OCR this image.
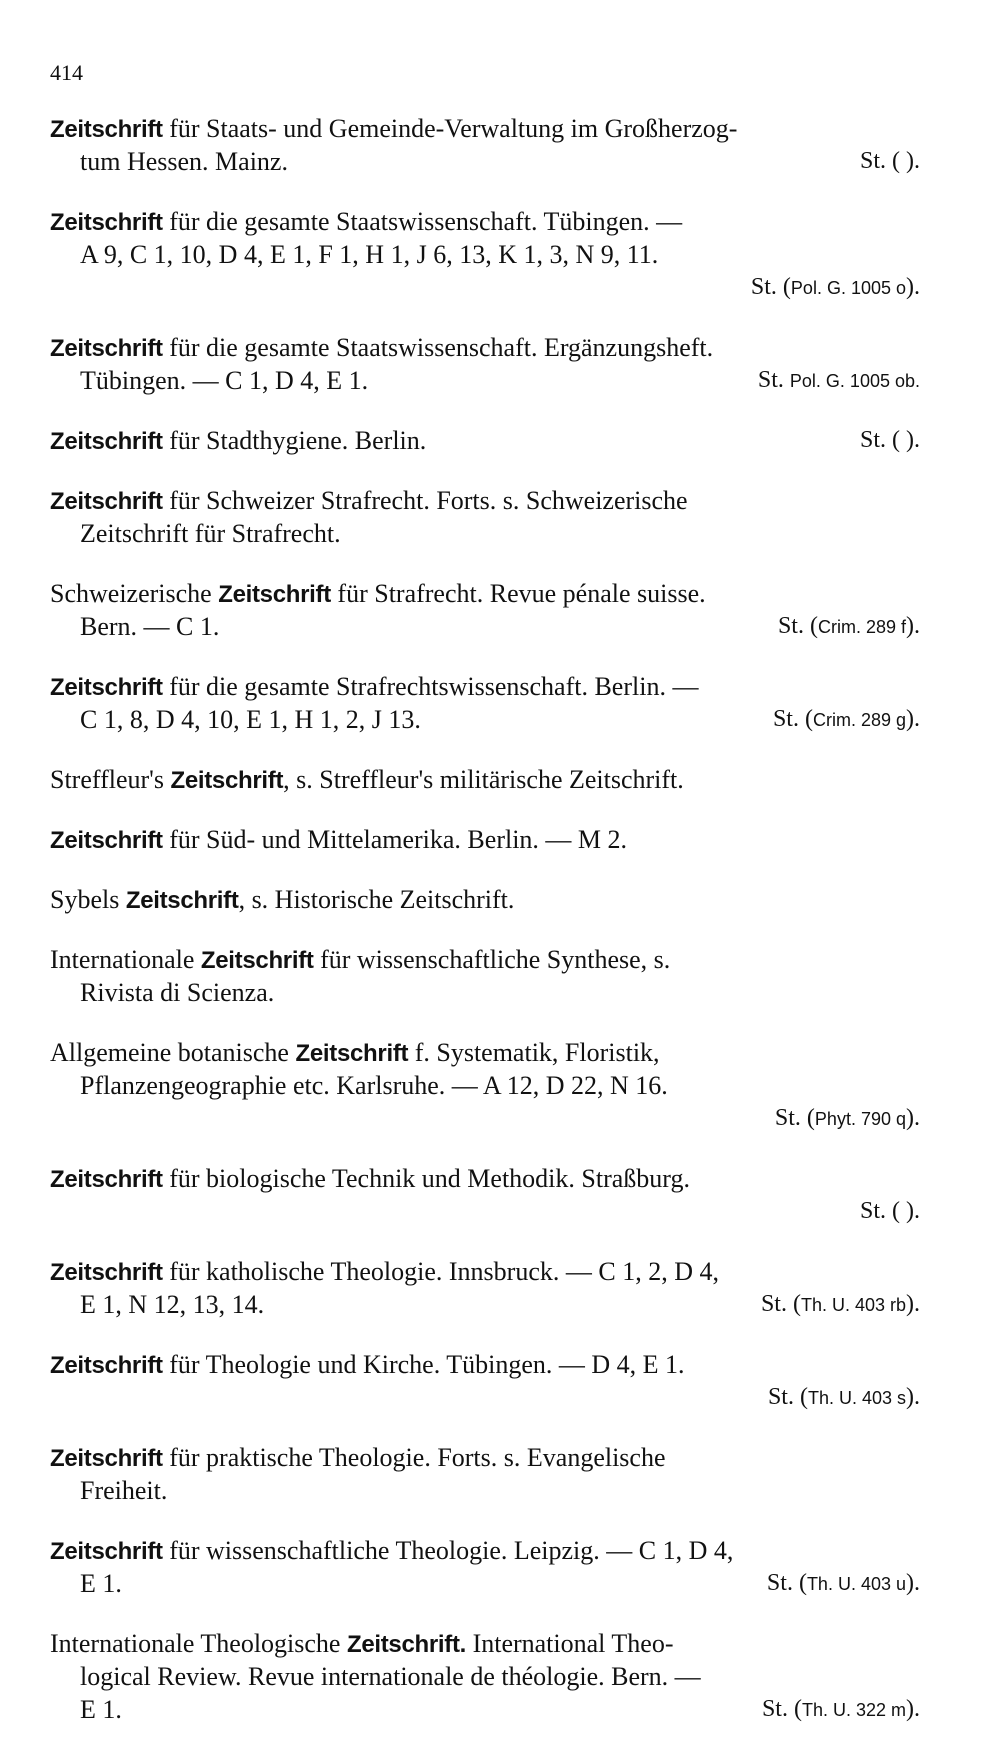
414
Zeitschrift für Staats- und Gemeinde-Verwaltung im Großherzog-
tum Hessen. Mainz.	St. ( ).
Zeitschrift für die gesamte Staatswissenschaft. Tübingen. —
A 9, C 1, 10, D 4, E 1, F 1, H 1, J 6, 13, K 1, 3, N 9, 11.
St. (Pol. G. 1005 o).
Zeitschrift für die gesamte Staatswissenschaft. Ergänzungsheft.
Tübingen. — C 1, D 4, E 1.	St. Pol. G. 1005 ob.
Zeitschrift für Stadthygiene. Berlin.	St. ( ).
Zeitschrift für Schweizer Strafrecht. Forts. s. Schweizerische
Zeitschrift für Strafrecht.
Schweizerische Zeitschrift für Strafrecht. Revue pénale suisse.
Bern. — C 1.	St. (Crim. 289 f).
Zeitschrift für die gesamte Strafrechtswissenschaft. Berlin. —
C 1, 8, D 4, 10, E 1, H 1, 2, J 13.	St. (Crim. 289 g).
Streffleur's Zeitschrift, s. Streffleur's militärische Zeitschrift.
Zeitschrift für Süd- und Mittelamerika. Berlin. — M 2.
Sybels Zeitschrift, s. Historische Zeitschrift.
Internationale Zeitschrift für wissenschaftliche Synthese, s.
Rivista di Scienza.
Allgemeine botanische Zeitschrift f. Systematik, Floristik,
Pflanzengeographie etc. Karlsruhe. — A 12, D 22, N 16.
St. (Phyt. 790 q).
Zeitschrift für biologische Technik und Methodik. Straßburg.
St. ( ).
Zeitschrift für katholische Theologie. Innsbruck. — C 1, 2, D 4,
E 1, N 12, 13, 14.	St. (Th. U. 403 rb).
Zeitschrift für Theologie und Kirche. Tübingen. — D 4, E 1.
St. (Th. U. 403 s).
Zeitschrift für praktische Theologie. Forts. s. Evangelische
Freiheit.
Zeitschrift für wissenschaftliche Theologie. Leipzig. — C 1, D 4,
E 1.	St. (Th. U. 403 u).
Internationale Theologische Zeitschrift. International Theo-
logical Review. Revue internationale de théologie. Bern. —
E 1.	St. (Th. U. 322 m).
